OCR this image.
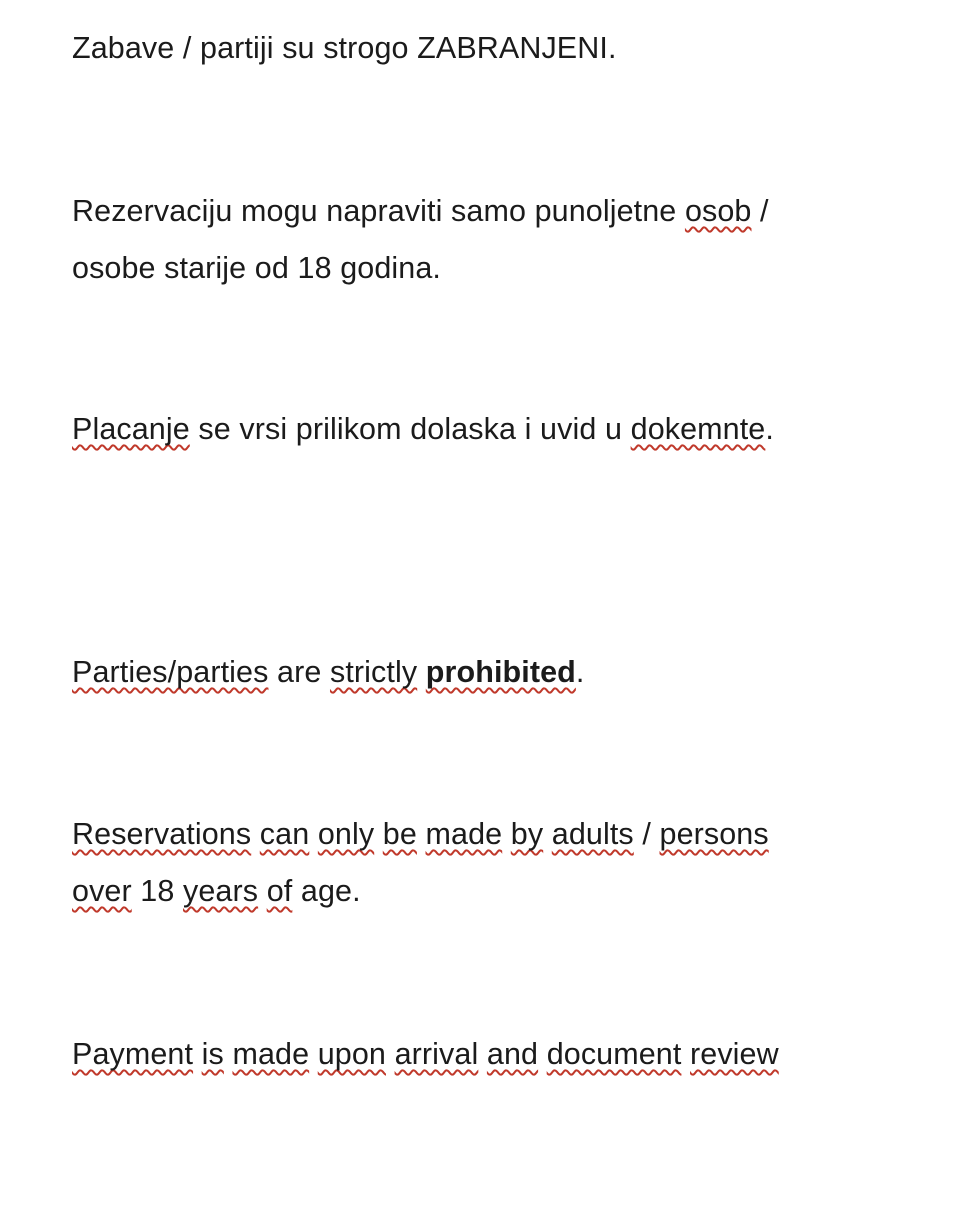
Zabave / partiji su strogo ZABRANJENI.

Rezervaciju mogu napraviti samo punoljetne osob /
osobe starije od 18 godina.

Placanje se vrsi prilikom dolaska i uvid u dokemnte.

Parties/parties are strictly prohibited.

Reservations can only be made by adults / persons
over 18 years of age.

Payment is made upon arrival and document review
